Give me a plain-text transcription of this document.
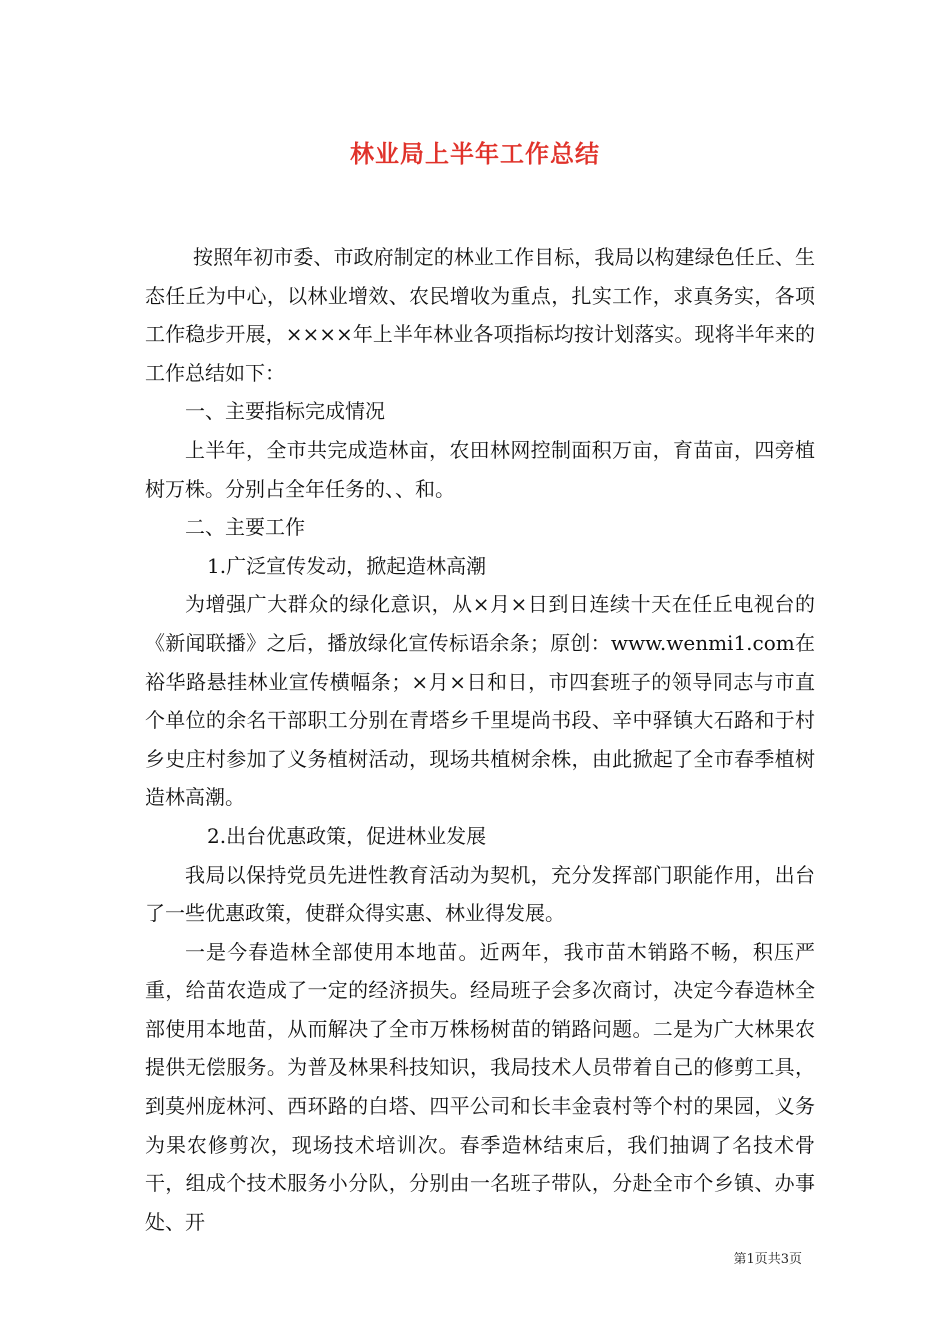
林业局上半年工作总结

按照年初市委、市政府制定的林业工作目标，我局以构建绿色任丘、生态任丘为中心，以林业增效、农民增收为重点，扎实工作，求真务实，各项工作稳步开展，××××年上半年林业各项指标均按计划落实。现将半年来的工作总结如下：

一、主要指标完成情况

上半年，全市共完成造林亩，农田林网控制面积万亩，育苗亩，四旁植树万株。分别占全年任务的、、和。

二、主要工作

1.广泛宣传发动，掀起造林高潮

为增强广大群众的绿化意识，从×月×日到日连续十天在任丘电视台的《新闻联播》之后，播放绿化宣传标语余条；原创：www.wenmi1.com在裕华路悬挂林业宣传横幅条；×月×日和日，市四套班子的领导同志与市直个单位的余名干部职工分别在青塔乡千里堤尚书段、辛中驿镇大石路和于村乡史庄村参加了义务植树活动，现场共植树余株，由此掀起了全市春季植树造林高潮。

2.出台优惠政策，促进林业发展

我局以保持党员先进性教育活动为契机，充分发挥部门职能作用，出台了一些优惠政策，使群众得实惠、林业得发展。

一是今春造林全部使用本地苗。近两年，我市苗木销路不畅，积压严重，给苗农造成了一定的经济损失。经局班子会多次商讨，决定今春造林全部使用本地苗，从而解决了全市万株杨树苗的销路问题。二是为广大林果农提供无偿服务。为普及林果科技知识，我局技术人员带着自己的修剪工具，到莫州庞林河、西环路的白塔、四平公司和长丰金袁村等个村的果园，义务为果农修剪次，现场技术培训次。春季造林结束后，我们抽调了名技术骨干，组成个技术服务小分队，分别由一名班子带队，分赴全市个乡镇、办事处、开

第1页共3页
